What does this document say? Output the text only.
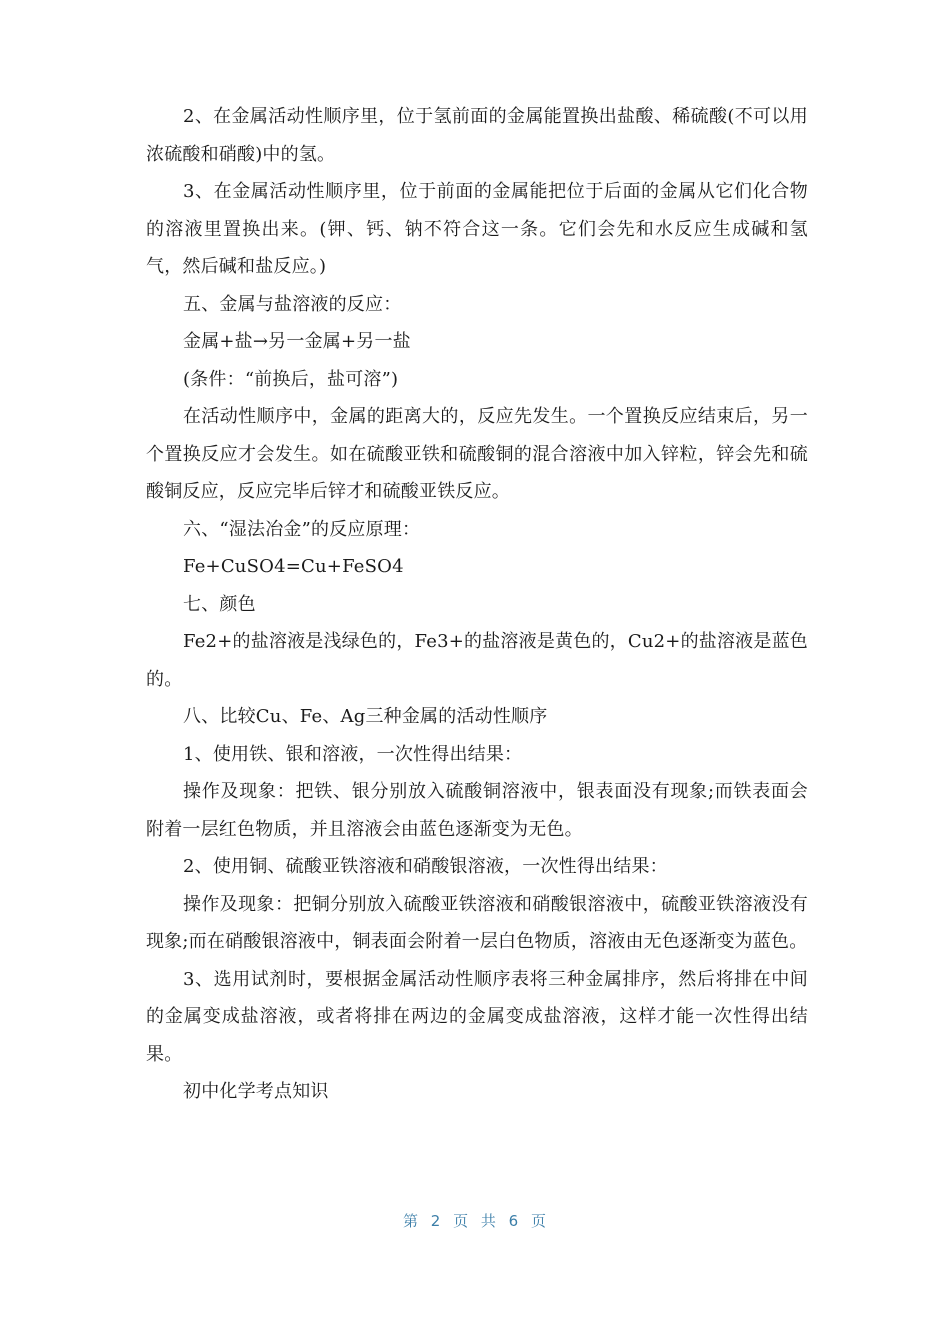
2、在金属活动性顺序里，位于氢前面的金属能置换出盐酸、稀硫酸(不可以用浓硫酸和硝酸)中的氢。

3、在金属活动性顺序里，位于前面的金属能把位于后面的金属从它们化合物的溶液里置换出来。(钾、钙、钠不符合这一条。它们会先和水反应生成碱和氢气，然后碱和盐反应。)

五、金属与盐溶液的反应：

金属+盐→另一金属+另一盐

(条件：“前换后，盐可溶”)

在活动性顺序中，金属的距离大的，反应先发生。一个置换反应结束后，另一个置换反应才会发生。如在硫酸亚铁和硫酸铜的混合溶液中加入锌粒，锌会先和硫酸铜反应，反应完毕后锌才和硫酸亚铁反应。

六、“湿法冶金”的反应原理：

Fe+CuSO4=Cu+FeSO4

七、颜色

Fe2+的盐溶液是浅绿色的，Fe3+的盐溶液是黄色的，Cu2+的盐溶液是蓝色的。

八、比较Cu、Fe、Ag三种金属的活动性顺序

1、使用铁、银和溶液，一次性得出结果：

操作及现象：把铁、银分别放入硫酸铜溶液中，银表面没有现象;而铁表面会附着一层红色物质，并且溶液会由蓝色逐渐变为无色。

2、使用铜、硫酸亚铁溶液和硝酸银溶液，一次性得出结果：

操作及现象：把铜分别放入硫酸亚铁溶液和硝酸银溶液中，硫酸亚铁溶液没有现象;而在硝酸银溶液中，铜表面会附着一层白色物质，溶液由无色逐渐变为蓝色。

3、选用试剂时，要根据金属活动性顺序表将三种金属排序，然后将排在中间的金属变成盐溶液，或者将排在两边的金属变成盐溶液，这样才能一次性得出结果。

初中化学考点知识

第 2 页 共 6 页
